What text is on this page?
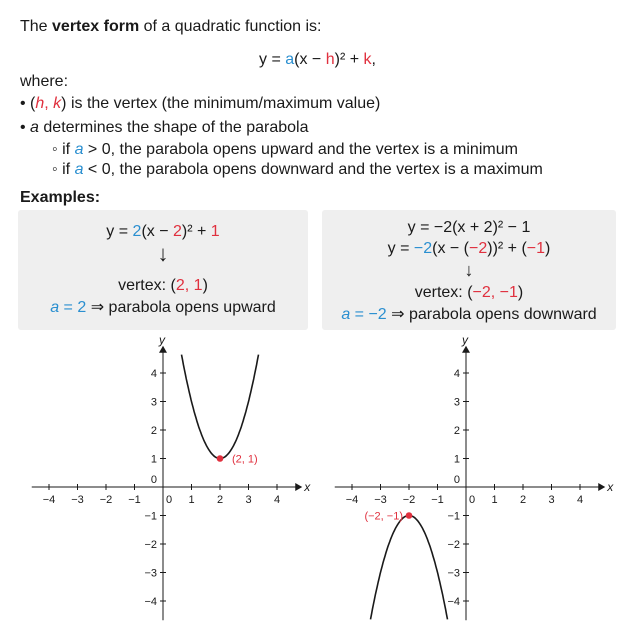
The vertex form of a quadratic function is:
y = a(x − h)² + k,
where:
• (h, k) is the vertex (the minimum/maximum value)
• a determines the shape of the parabola
◦ if a > 0, the parabola opens upward and the vertex is a minimum
◦ if a < 0, the parabola opens downward and the vertex is a maximum
Examples:
y = 2(x − 2)² + 1
↓
vertex: (2, 1)
a = 2 ⇒ parabola opens upward
y = −2(x + 2)² − 1
y = −2(x − (−2))² + (−1)
↓
vertex: (−2, −1)
a = −2 ⇒ parabola opens downward
x
y
−4 −3 −2 −1	1 2 3 4
4
3
2
1
−1
−2
−3
−4
0
0
(2, 1)
x
y
−4 −3 −2 −1	1 2 3 4
4
3
2
1
−1
−2
−3
−4
0
0
(−2, −1)
